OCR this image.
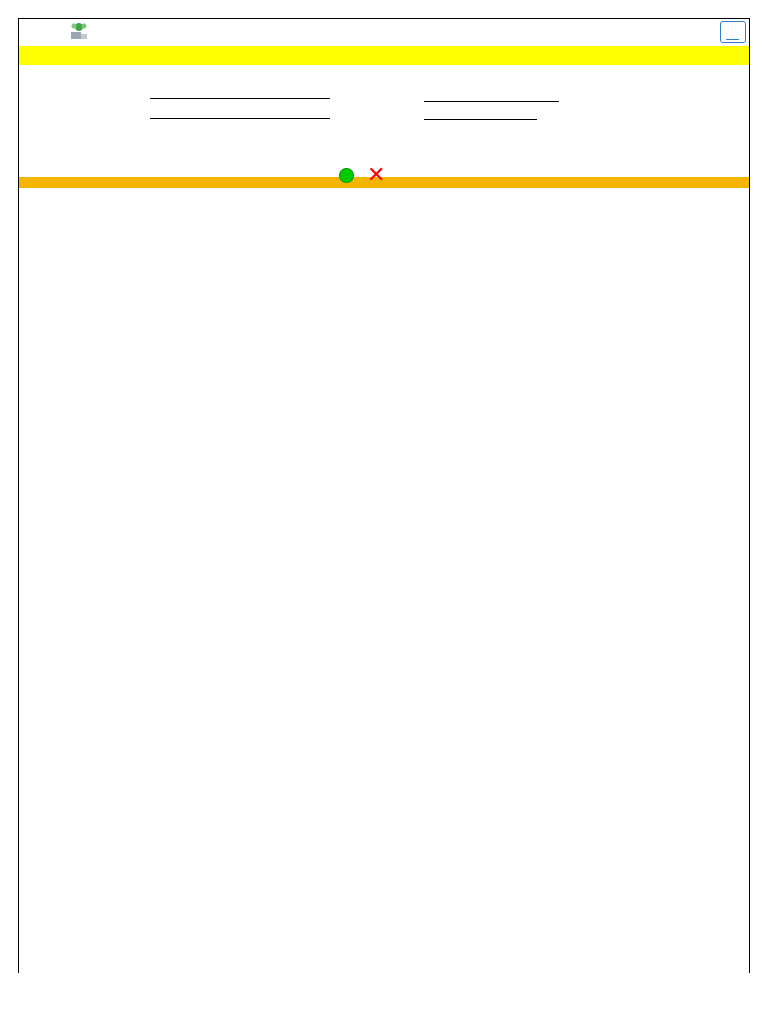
✕
